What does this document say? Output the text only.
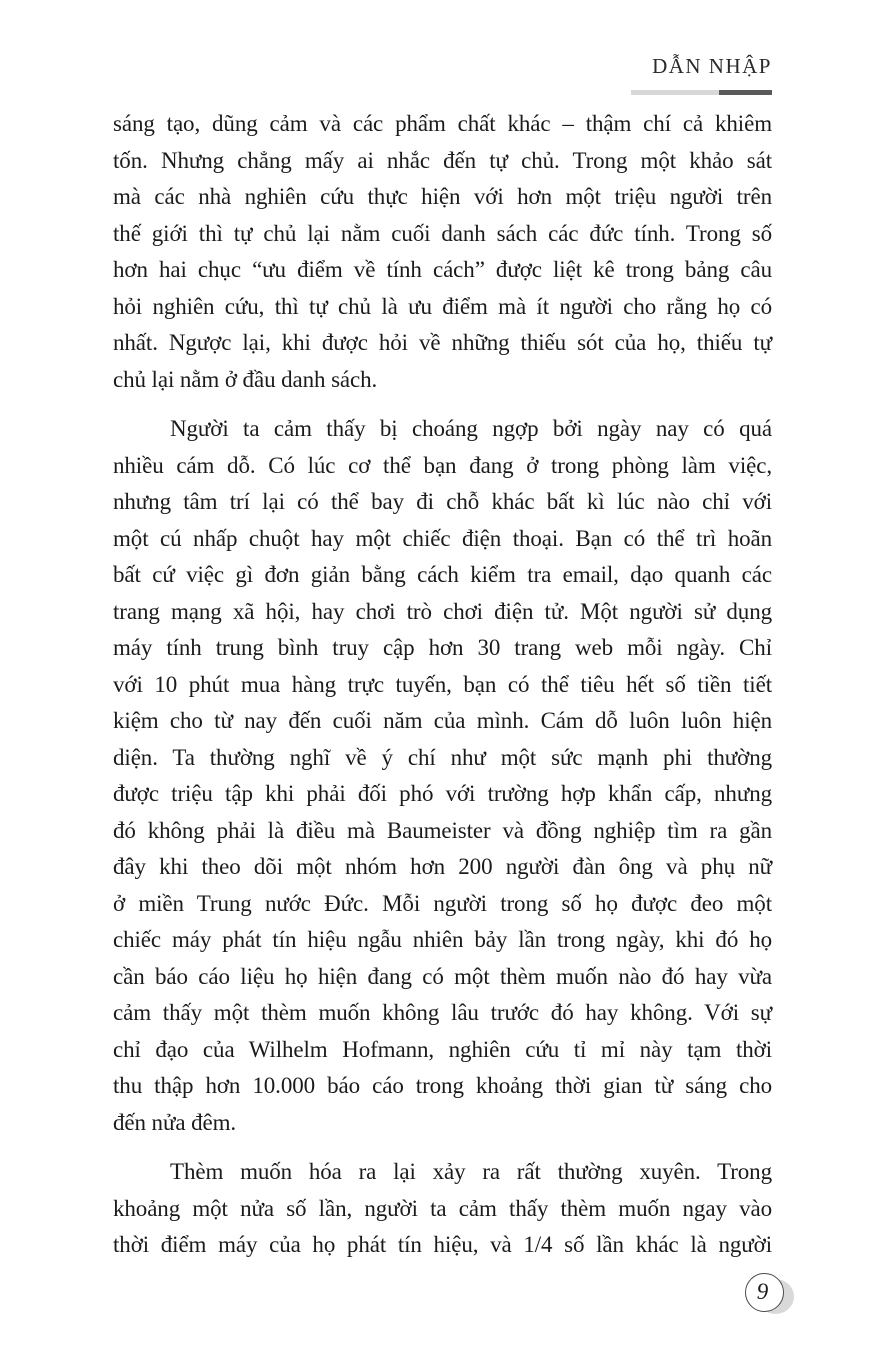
DẪN NHẬP
sáng tạo, dũng cảm và các phẩm chất khác – thậm chí cả khiêm
tốn. Nhưng chẳng mấy ai nhắc đến tự chủ. Trong một khảo sát
mà các nhà nghiên cứu thực hiện với hơn một triệu người trên
thế giới thì tự chủ lại nằm cuối danh sách các đức tính. Trong số
hơn hai chục “ưu điểm về tính cách” được liệt kê trong bảng câu
hỏi nghiên cứu, thì tự chủ là ưu điểm mà ít người cho rằng họ có
nhất. Ngược lại, khi được hỏi về những thiếu sót của họ, thiếu tự
chủ lại nằm ở đầu danh sách.
Người ta cảm thấy bị choáng ngợp bởi ngày nay có quá
nhiều cám dỗ. Có lúc cơ thể bạn đang ở trong phòng làm việc,
nhưng tâm trí lại có thể bay đi chỗ khác bất kì lúc nào chỉ với
một cú nhấp chuột hay một chiếc điện thoại. Bạn có thể trì hoãn
bất cứ việc gì đơn giản bằng cách kiểm tra email, dạo quanh các
trang mạng xã hội, hay chơi trò chơi điện tử. Một người sử dụng
máy tính trung bình truy cập hơn 30 trang web mỗi ngày. Chỉ
với 10 phút mua hàng trực tuyến, bạn có thể tiêu hết số tiền tiết
kiệm cho từ nay đến cuối năm của mình. Cám dỗ luôn luôn hiện
diện. Ta thường nghĩ về ý chí như một sức mạnh phi thường
được triệu tập khi phải đối phó với trường hợp khẩn cấp, nhưng
đó không phải là điều mà Baumeister và đồng nghiệp tìm ra gần
đây khi theo dõi một nhóm hơn 200 người đàn ông và phụ nữ
ở miền Trung nước Đức. Mỗi người trong số họ được đeo một
chiếc máy phát tín hiệu ngẫu nhiên bảy lần trong ngày, khi đó họ
cần báo cáo liệu họ hiện đang có một thèm muốn nào đó hay vừa
cảm thấy một thèm muốn không lâu trước đó hay không. Với sự
chỉ đạo của Wilhelm Hofmann, nghiên cứu tỉ mỉ này tạm thời
thu thập hơn 10.000 báo cáo trong khoảng thời gian từ sáng cho
đến nửa đêm.
Thèm muốn hóa ra lại xảy ra rất thường xuyên. Trong
khoảng một nửa số lần, người ta cảm thấy thèm muốn ngay vào
thời điểm máy của họ phát tín hiệu, và 1/4 số lần khác là người
9
